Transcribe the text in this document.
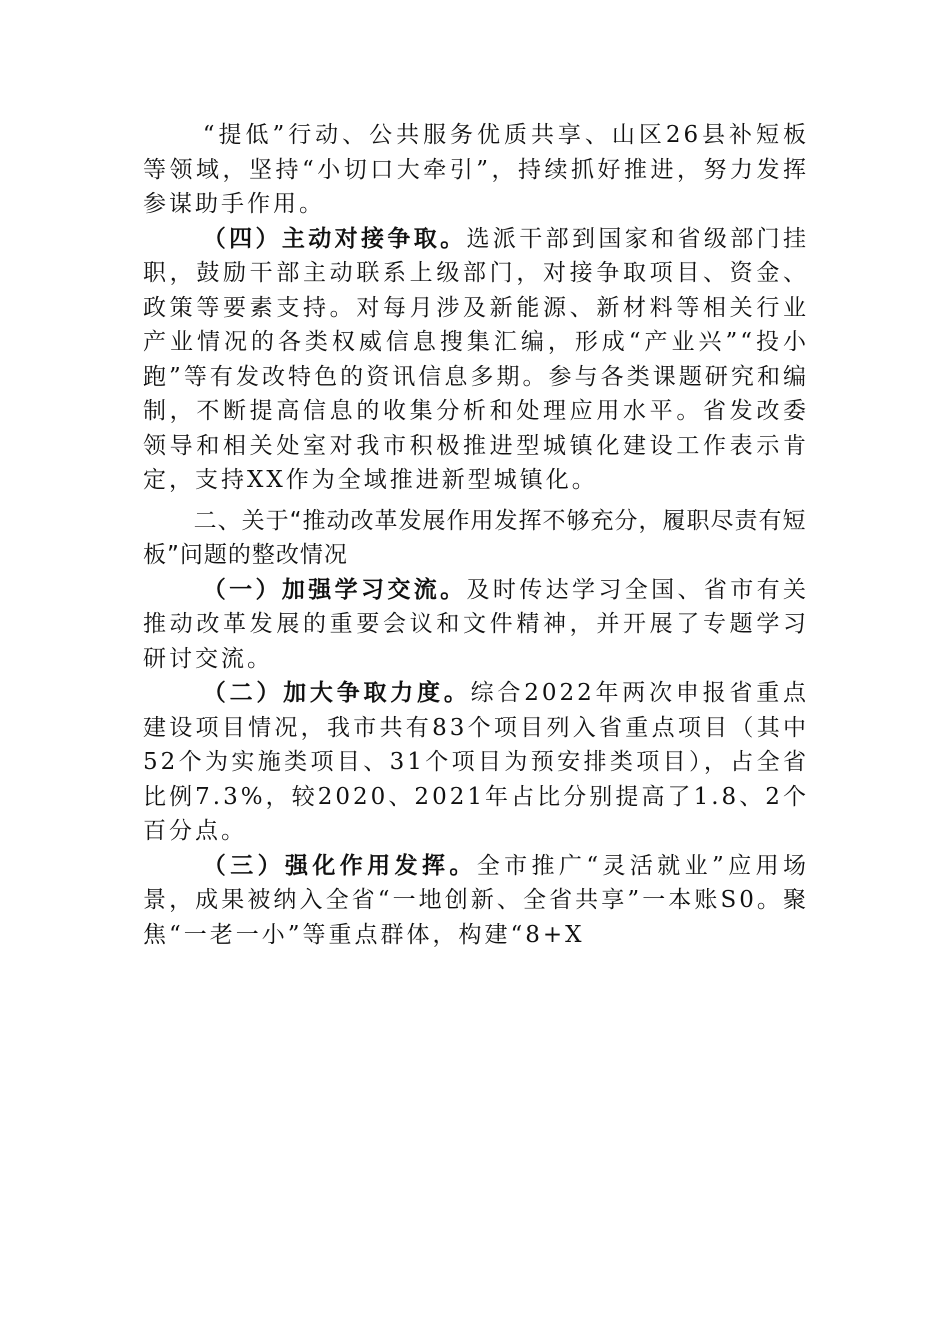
“提低”行动、公共服务优质共享、山区26县补短板等领域，坚持“小切口大牵引”，持续抓好推进，努力发挥参谋助手作用。

（四）主动对接争取。选派干部到国家和省级部门挂职，鼓励干部主动联系上级部门，对接争取项目、资金、政策等要素支持。对每月涉及新能源、新材料等相关行业产业情况的各类权威信息搜集汇编，形成“产业兴”“投小跑”等有发改特色的资讯信息多期。参与各类课题研究和编制，不断提高信息的收集分析和处理应用水平。省发改委领导和相关处室对我市积极推进型城镇化建设工作表示肯定，支持XX作为全域推进新型城镇化。

二、关于“推动改革发展作用发挥不够充分，履职尽责有短板”问题的整改情况

（一）加强学习交流。及时传达学习全国、省市有关推动改革发展的重要会议和文件精神，并开展了专题学习研讨交流。

（二）加大争取力度。综合2022年两次申报省重点建设项目情况，我市共有83个项目列入省重点项目（其中52个为实施类项目、31个项目为预安排类项目），占全省比例7.3%，较2020、2021年占比分别提高了1.8、2个百分点。

（三）强化作用发挥。全市推广“灵活就业”应用场景，成果被纳入全省“一地创新、全省共享”一本账S0。聚焦“一老一小”等重点群体，构建“8+X
